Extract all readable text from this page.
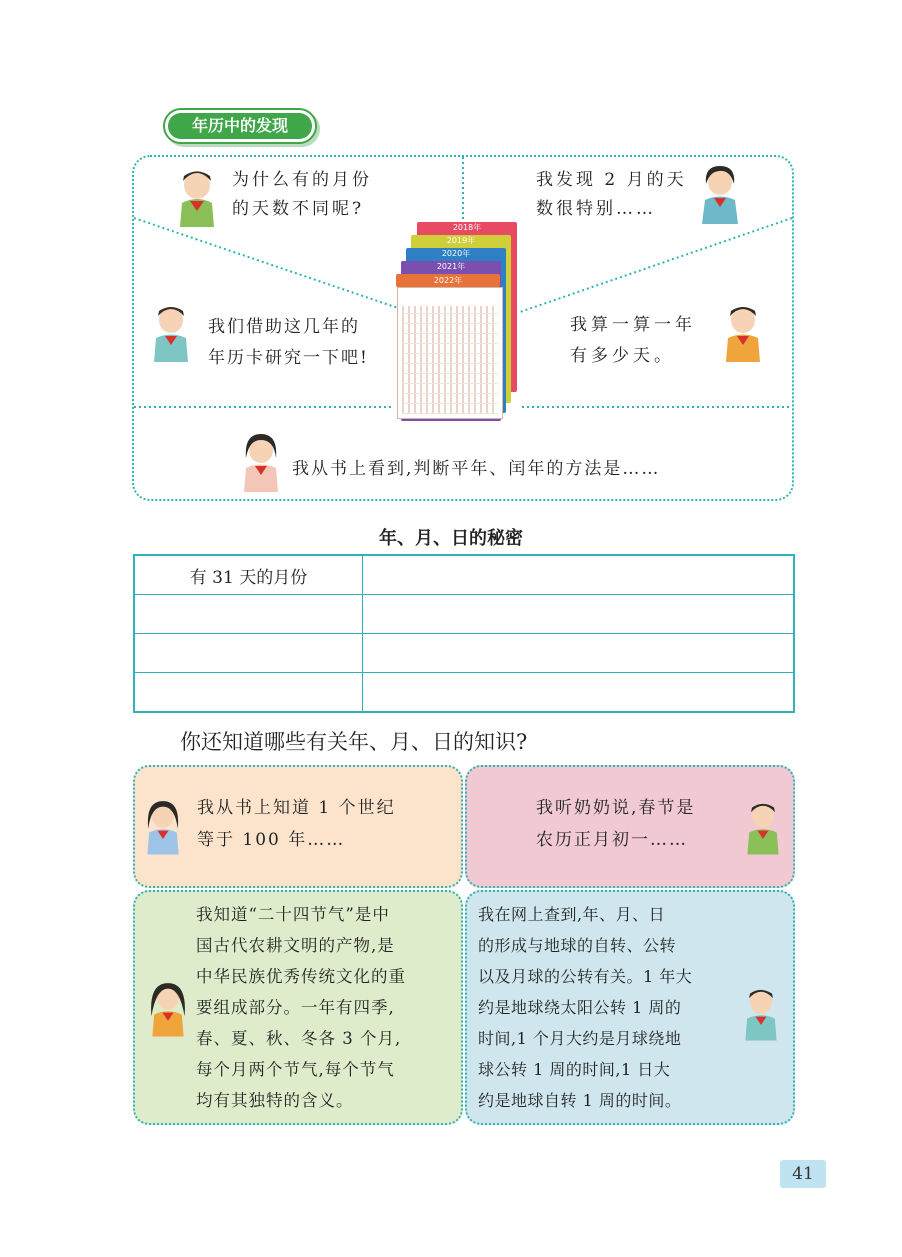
年历中的发现
为什么有的月份
的天数不同呢?
我发现 2 月的天
数很特别……
我们借助这几年的
年历卡研究一下吧!
我算一算一年
有多少天。
我从书上看到,判断平年、闰年的方法是……
2018年
2019年
2020年
2021年
2022年
年、月、日的秘密
有 31 天的月份	

你还知道哪些有关年、月、日的知识?
我从书上知道 1 个世纪
等于 100 年……
我听奶奶说,春节是
农历正月初一……
我知道“二十四节气”是中
国古代农耕文明的产物,是
中华民族优秀传统文化的重
要组成部分。一年有四季,
春、夏、秋、冬各 3 个月,
每个月两个节气,每个节气
均有其独特的含义。
我在网上查到,年、月、日
的形成与地球的自转、公转
以及月球的公转有关。1 年大
约是地球绕太阳公转 1 周的
时间,1 个月大约是月球绕地
球公转 1 周的时间,1 日大
约是地球自转 1 周的时间。
41
